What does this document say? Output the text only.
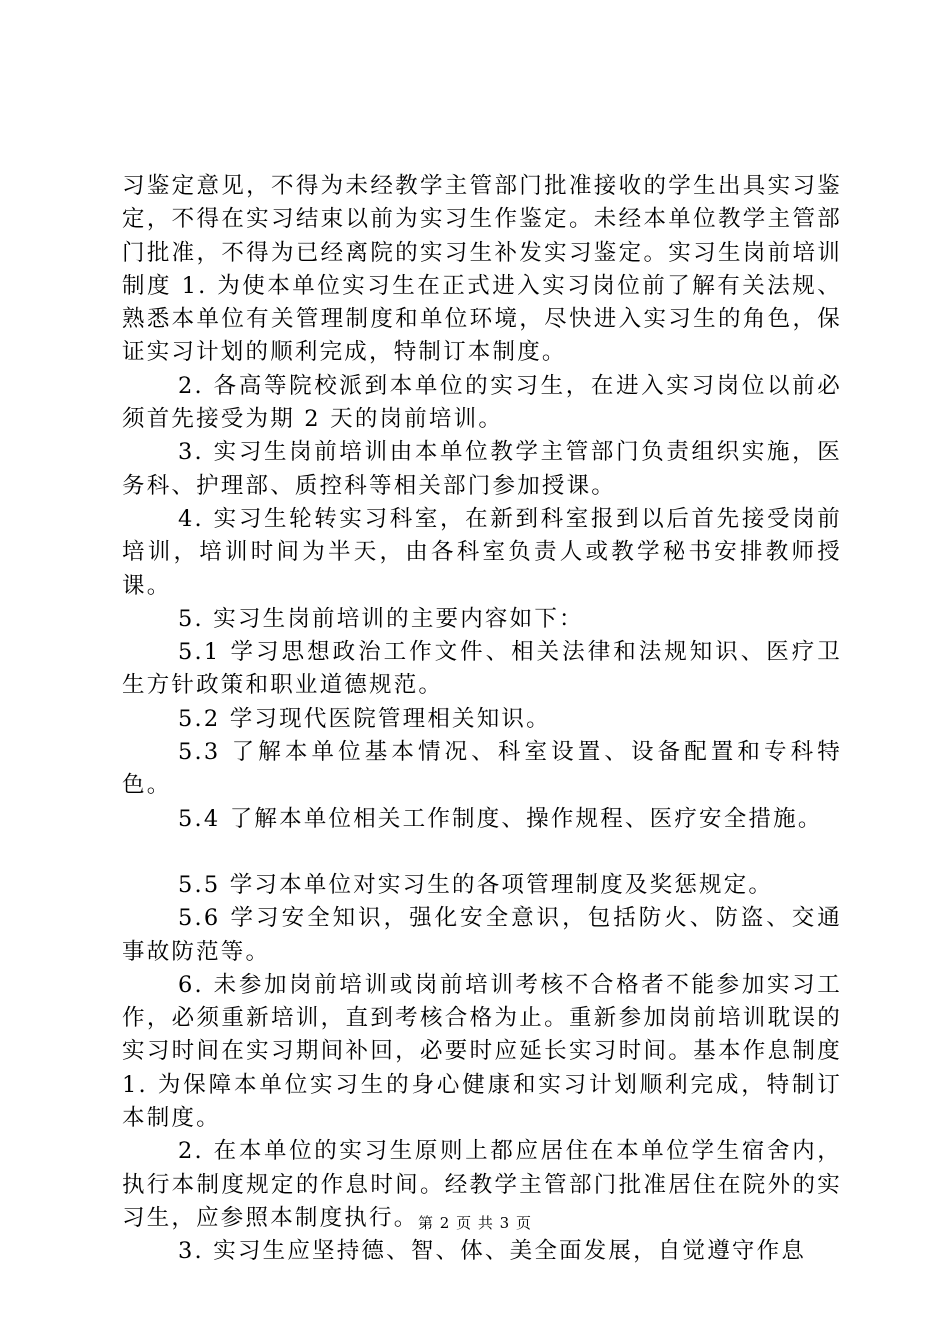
习鉴定意见，不得为未经教学主管部门批准接收的学生出具实习鉴定，不得在实习结束以前为实习生作鉴定。未经本单位教学主管部门批准，不得为已经离院的实习生补发实习鉴定。实习生岗前培训制度 1. 为使本单位实习生在正式进入实习岗位前了解有关法规、熟悉本单位有关管理制度和单位环境，尽快进入实习生的角色，保证实习计划的顺利完成，特制订本制度。

2. 各高等院校派到本单位的实习生，在进入实习岗位以前必须首先接受为期 2 天的岗前培训。

3. 实习生岗前培训由本单位教学主管部门负责组织实施，医务科、护理部、质控科等相关部门参加授课。

4. 实习生轮转实习科室，在新到科室报到以后首先接受岗前培训，培训时间为半天，由各科室负责人或教学秘书安排教师授课。

5. 实习生岗前培训的主要内容如下：

5.1 学习思想政治工作文件、相关法律和法规知识、医疗卫生方针政策和职业道德规范。

5.2 学习现代医院管理相关知识。

5.3 了解本单位基本情况、科室设置、设备配置和专科特色。

5.4 了解本单位相关工作制度、操作规程、医疗安全措施。

5.5 学习本单位对实习生的各项管理制度及奖惩规定。

5.6 学习安全知识，强化安全意识，包括防火、防盗、交通事故防范等。

6. 未参加岗前培训或岗前培训考核不合格者不能参加实习工作，必须重新培训，直到考核合格为止。重新参加岗前培训耽误的实习时间在实习期间补回，必要时应延长实习时间。基本作息制度 1. 为保障本单位实习生的身心健康和实习计划顺利完成，特制订本制度。

2. 在本单位的实习生原则上都应居住在本单位学生宿舍内，执行本制度规定的作息时间。经教学主管部门批准居住在院外的实习生，应参照本制度执行。

3. 实习生应坚持德、智、体、美全面发展，自觉遵守作息

第 2 页 共 3 页
